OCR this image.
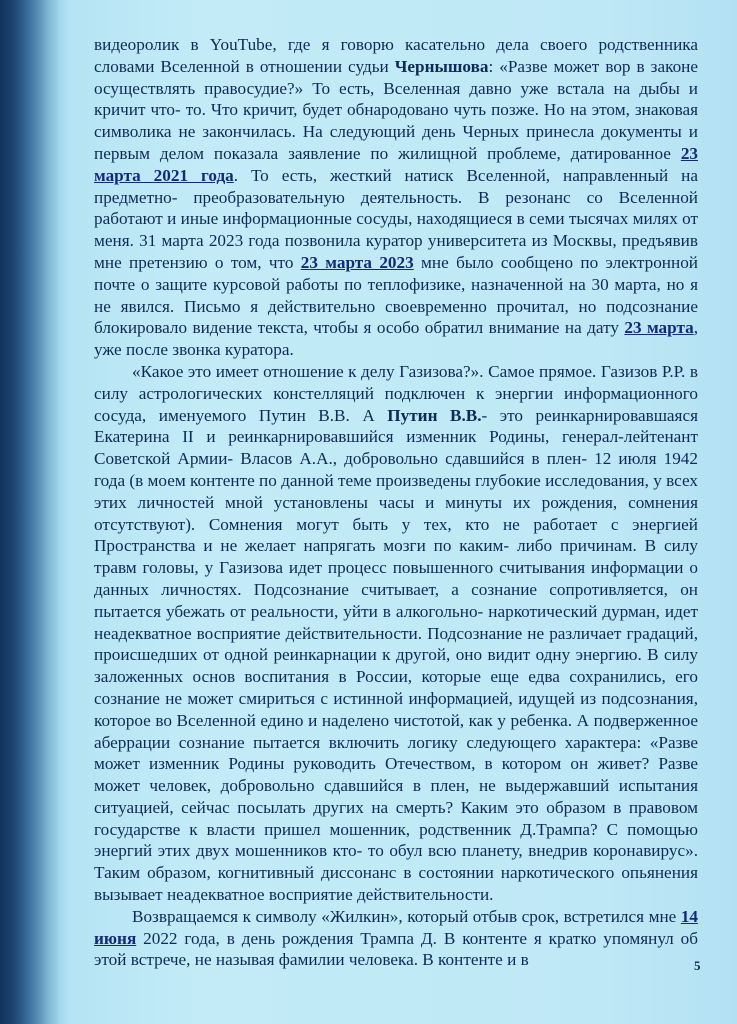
видеоролик в YouTube, где я говорю касательно дела своего родственника словами Вселенной в отношении судьи Чернышова: «Разве может вор в законе осуществлять правосудие?» То есть, Вселенная давно уже встала на дыбы и кричит что- то. Что кричит, будет обнародовано чуть позже. Но на этом, знаковая символика не закончилась. На следующий день Черных принесла документы и первым делом показала заявление по жилищной проблеме, датированное 23 марта 2021 года. То есть, жесткий натиск Вселенной, направленный на предметно- преобразовательную деятельность. В резонанс со Вселенной работают и иные информационные сосуды, находящиеся в семи тысячах милях от меня. 31 марта 2023 года позвонила куратор университета из Москвы, предъявив мне претензию о том, что 23 марта 2023 мне было сообщено по электронной почте о защите курсовой работы по теплофизике, назначенной на 30 марта, но я не явился. Письмо я действительно своевременно прочитал, но подсознание блокировало видение текста, чтобы я особо обратил внимание на дату 23 марта, уже после звонка куратора.

«Какое это имеет отношение к делу Газизова?». Самое прямое. Газизов Р.Р. в силу астрологических констелляций подключен к энергии информационного сосуда, именуемого Путин В.В. А Путин В.В.- это реинкарнировавшаяся Екатерина II и реинкарнировавшийся изменник Родины, генерал-лейтенант Советской Армии- Власов А.А., добровольно сдавшийся в плен- 12 июля 1942 года (в моем контенте по данной теме произведены глубокие исследования, у всех этих личностей мной установлены часы и минуты их рождения, сомнения отсутствуют). Сомнения могут быть у тех, кто не работает с энергией Пространства и не желает напрягать мозги по каким- либо причинам. В силу травм головы, у Газизова идет процесс повышенного считывания информации о данных личностях. Подсознание считывает, а сознание сопротивляется, он пытается убежать от реальности, уйти в алкогольно- наркотический дурман, идет неадекватное восприятие действительности. Подсознание не различает градаций, происшедших от одной реинкарнации к другой, оно видит одну энергию. В силу заложенных основ воспитания в России, которые еще едва сохранились, его сознание не может смириться с истинной информацией, идущей из подсознания, которое во Вселенной едино и наделено чистотой, как у ребенка. А подверженное аберрации сознание пытается включить логику следующего характера: «Разве может изменник Родины руководить Отечеством, в котором он живет? Разве может человек, добровольно сдавшийся в плен, не выдержавший испытания ситуацией, сейчас посылать других на смерть? Каким это образом в правовом государстве к власти пришел мошенник, родственник Д.Трампа? С помощью энергий этих двух мошенников кто- то обул всю планету, внедрив коронавирус». Таким образом, когнитивный диссонанс в состоянии наркотического опьянения вызывает неадекватное восприятие действительности.

Возвращаемся к символу «Жилкин», который отбыв срок, встретился мне 14 июня 2022 года, в день рождения Трампа Д. В контенте я кратко упомянул об этой встрече, не называя фамилии человека. В контенте и в	5
